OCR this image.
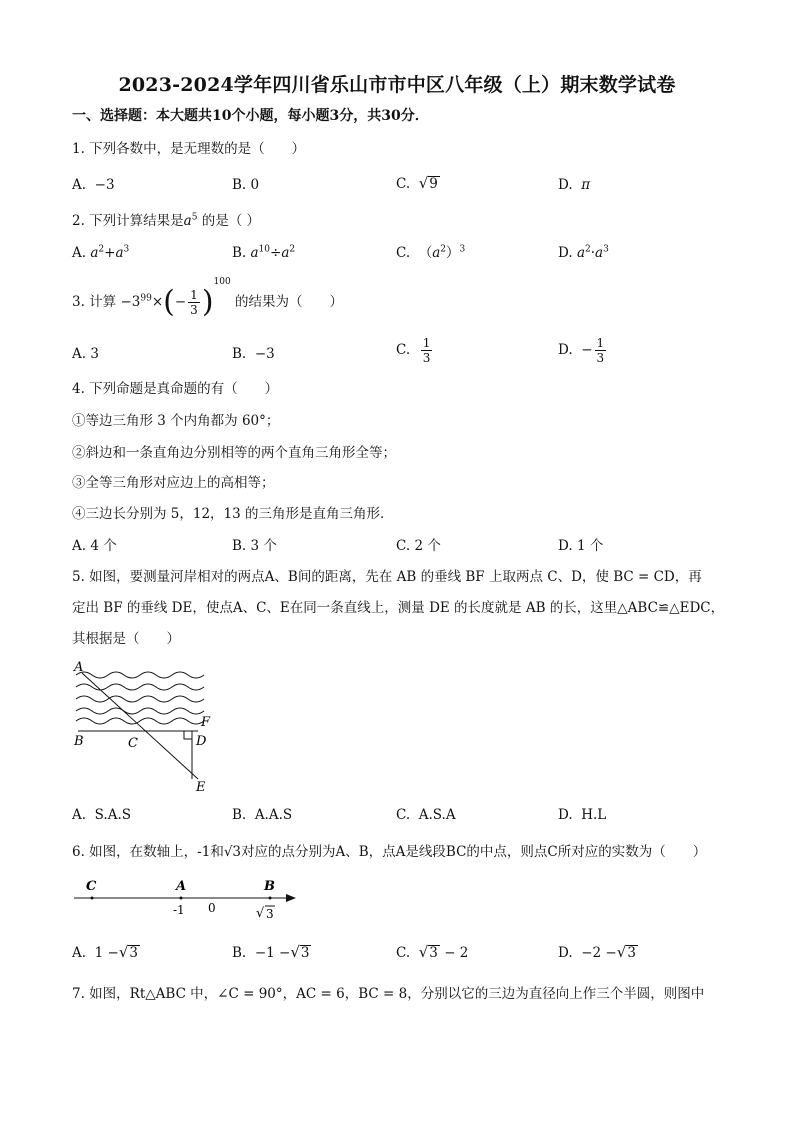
2023-2024学年四川省乐山市市中区八年级（上）期末数学试卷
一、选择题：本大题共10个小题，每小题3分，共30分．
1. 下列各数中，是无理数的是（　　）
A. −3	B. 0	C. √9	D. π
2. 下列计算结果是$a^5$ 的是（ ）
A. $a^2+a^3$	B. $a^{10}\div a^2$	C. $(a^2)^3$	D. $a^2\cdot a^3$
3. 计算 $-3^{99}\times(- \frac{1}{3} )^{100}$ 的结果为（　　）
A. 3	B. −3	C. $\frac{1}{3}$	D. − $\frac{1}{3}$
4. 下列命题是真命题的有（　　）
①等边三角形 3 个内角都为 60°；
②斜边和一条直角边分别相等的两个直角三角形全等；
③全等三角形对应边上的高相等；
④三边长分别为 5，12，13 的三角形是直角三角形．
A. 4 个	B. 3 个	C. 2 个	D. 1 个
5. 如图，要测量河岸相对的两点A、B间的距离，先在 AB 的垂线 BF 上取两点 C、D，使 BC = CD，再
定出 BF 的垂线 DE，使点A、C、E在同一条直线上，测量 DE 的长度就是 AB 的长，这里△ABC≌△EDC，
其根据是（　　）
A
B	C	D
F
E
A. S.A.S	B. A.A.S	C. A.S.A	D. H.L
6. 如图，在数轴上，-1和√3对应的点分别为A、B，点A是线段BC的中点，则点C所对应的实数为（　　）
C	A	B
-1 0	√ 3
A. 1 −√3	B. −1 −√3	C. √3 − 2	D. −2 −√3
7. 如图，Rt△ABC 中，∠C = 90°，AC = 6，BC = 8，分别以它的三边为直径向上作三个半圆，则图中
